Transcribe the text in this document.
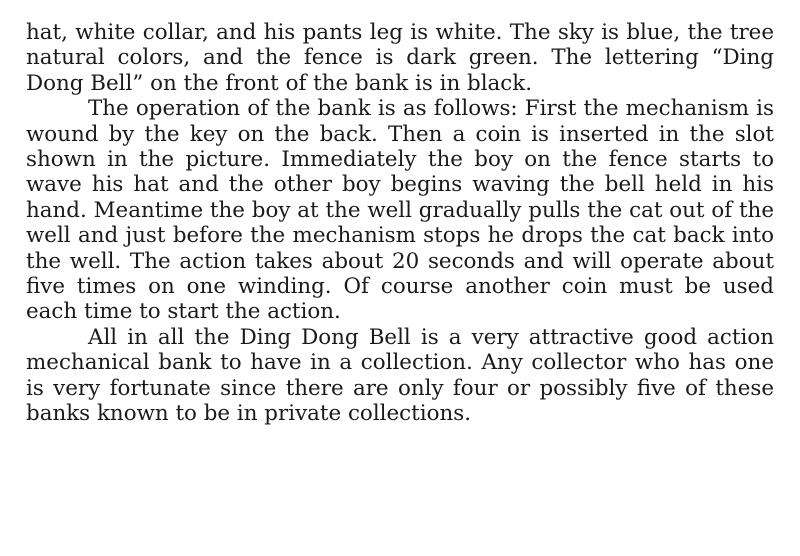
hat, white collar, and his pants leg is white. The sky is blue, the tree natural colors, and the fence is dark green. The lettering “Ding Dong Bell” on the front of the bank is in black.

The operation of the bank is as follows: First the mechanism is wound by the key on the back. Then a coin is inserted in the slot shown in the picture. Immediately the boy on the fence starts to wave his hat and the other boy begins waving the bell held in his hand. Meantime the boy at the well gradually pulls the cat out of the well and just before the mechanism stops he drops the cat back into the well. The action takes about 20 seconds and will operate about five times on one winding. Of course another coin must be used each time to start the action.

All in all the Ding Dong Bell is a very attractive good action mechanical bank to have in a collection. Any collector who has one is very fortunate since there are only four or possibly five of these banks known to be in private collections.
